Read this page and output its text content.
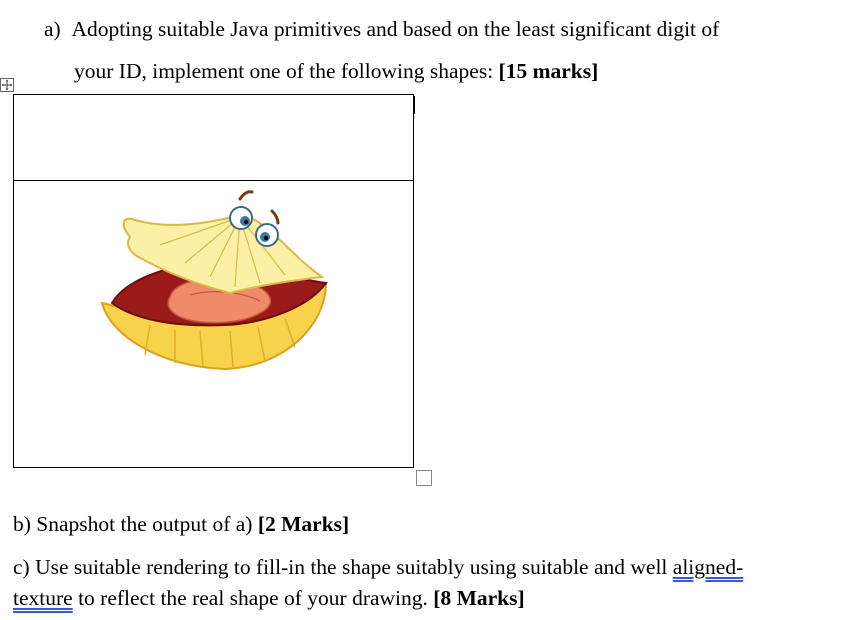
a) Adopting suitable Java primitives and based on the least significant digit of
your ID, implement one of the following shapes: [15 marks]
b) Snapshot the output of a) [2 Marks]
c) Use suitable rendering to fill-in the shape suitably using suitable and well aligned-
texture to reflect the real shape of your drawing. [8 Marks]
